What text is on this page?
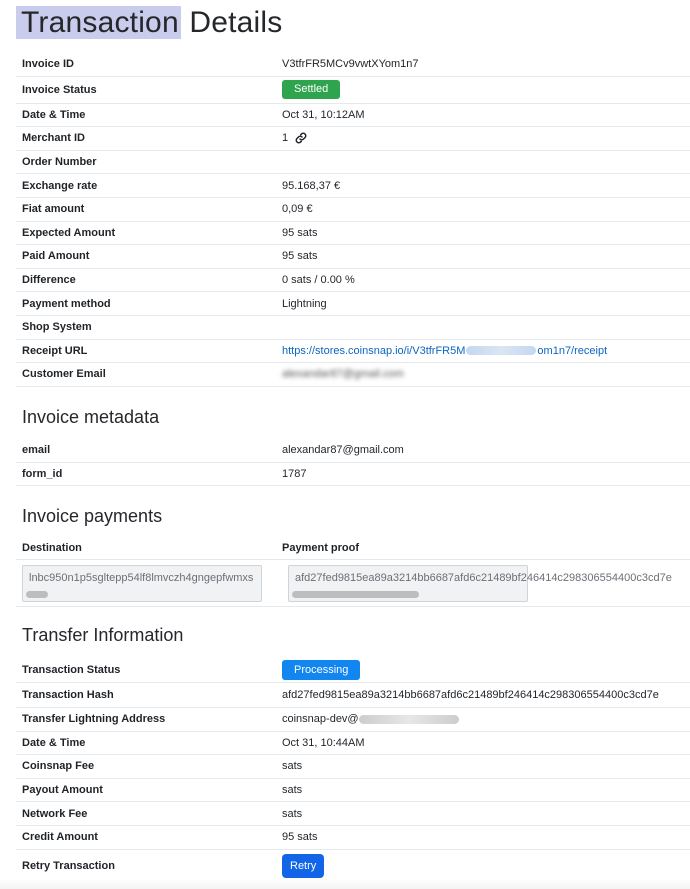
Transaction Details
Invoice ID	V3tfrFR5MCv9vwtXYom1n7
Invoice Status	Settled
Date & Time	Oct 31, 10:12AM
Merchant ID	1
Order Number
Exchange rate	95.168,37 €
Fiat amount	0,09 €
Expected Amount	95 sats
Paid Amount	95 sats
Difference	0 sats / 0.00 %
Payment method	Lightning
Shop System
Receipt URL	https://stores.coinsnap.io/i/V3tfrFR5M	om1n7/receipt
Customer Email	alexandar87@gmail.com
Invoice metadata
email	alexandar87@gmail.com
form_id	1787
Invoice payments
Destination	Payment proof
lnbc950n1p5sgltepp54lf8lmvczh4gngepfwmxs	afd27fed9815ea89a3214bb6687afd6c21489bf246414c298306554400c3cd7e
Transfer Information
Transaction Status	Processing
Transaction Hash	afd27fed9815ea89a3214bb6687afd6c21489bf246414c298306554400c3cd7e
Transfer Lightning Address	coinsnap-dev@
Date & Time	Oct 31, 10:44AM
Coinsnap Fee	sats
Payout Amount	sats
Network Fee	sats
Credit Amount	95 sats
Retry Transaction	Retry
